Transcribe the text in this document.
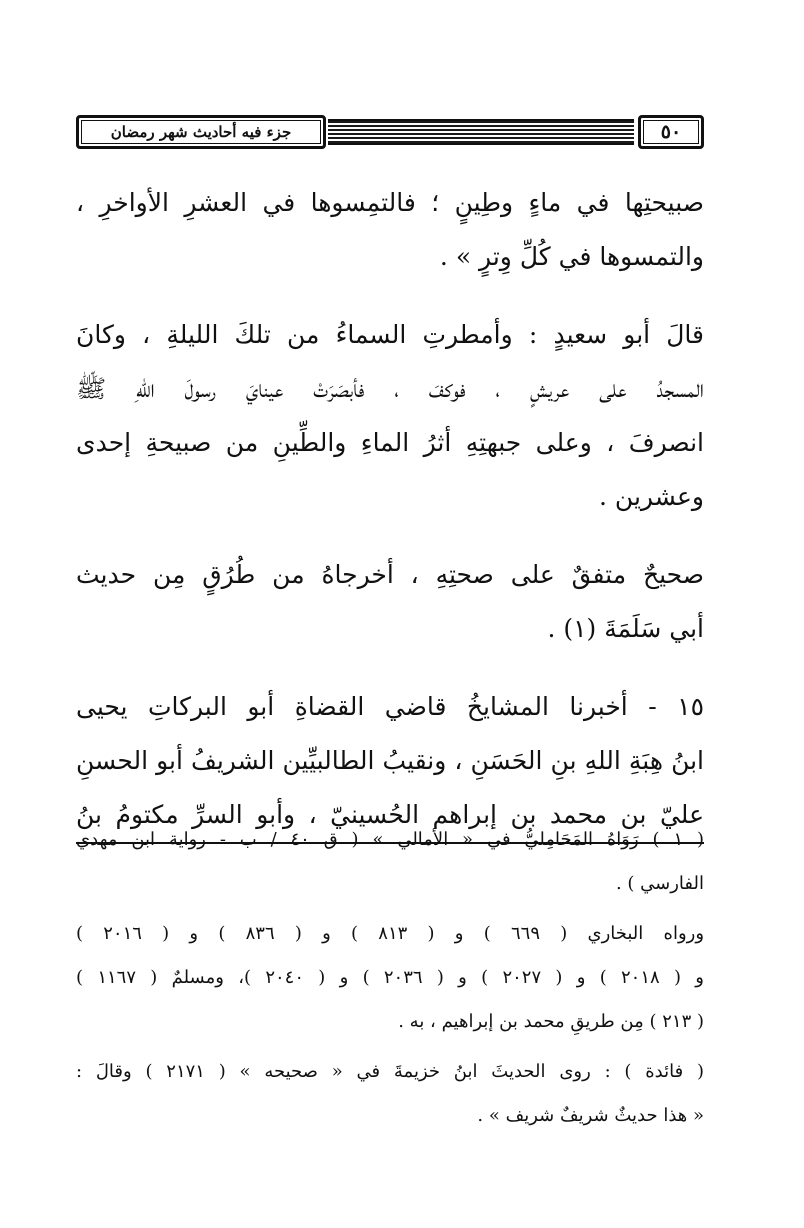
جزء فيه أحاديث شهر رمضان	٥٠
صبيحتِها في ماءٍ وطِينٍ ؛ فالتمِسوها في العشرِ الأواخرِ ،
والتمسوها في كُلِّ وِترٍ » .
قالَ أبو سعيدٍ : وأمطرتِ السماءُ من تلكَ الليلةِ ، وكانَ
المسجدُ على عريشٍ ، فوكفَ ، فأبصَرَتْ عينايَ رسولَ اللهِ ﷺ
انصرفَ ، وعلى جبهتِهِ أثرُ الماءِ والطِّينِ من صبيحةِ إحدى
وعشرين .
صحيحٌ متفقٌ على صحتِهِ ، أخرجاهُ من طُرُقٍ مِن حديث
أبي سَلَمَةَ (١) .
١٥ - أخبرنا المشايخُ قاضي القضاةِ أبو البركاتِ يحيى
ابنُ هِبَةِ اللهِ بنِ الحَسَنِ ، ونقيبُ الطالبيِّين الشريفُ أبو الحسنِ
عليّ بن محمد بن إبراهم الحُسينيّ ، وأبو السرِّ مكتومُ بنُ
( ١ ) رَوَاهُ المَحَامِليُّ في « الأمالي » ( ق ٤٠ / ب - رواية ابن مهدي
الفارسي ) .
ورواه البخاري ( ٦٦٩ ) و ( ٨١٣ ) و ( ٨٣٦ ) و ( ٢٠١٦ )
و ( ٢٠١٨ ) و ( ٢٠٢٧ ) و ( ٢٠٣٦ ) و ( ٢٠٤٠ )، ومسلمٌ ( ١١٦٧ )
( ٢١٣ ) مِن طريقِ محمد بن إبراهيم ، به .
( فائدة ) : روى الحديثَ ابنُ خزيمةَ في « صحيحه » ( ٢١٧١ ) وقالَ :
« هذا حديثٌ شريفٌ شريف » .
